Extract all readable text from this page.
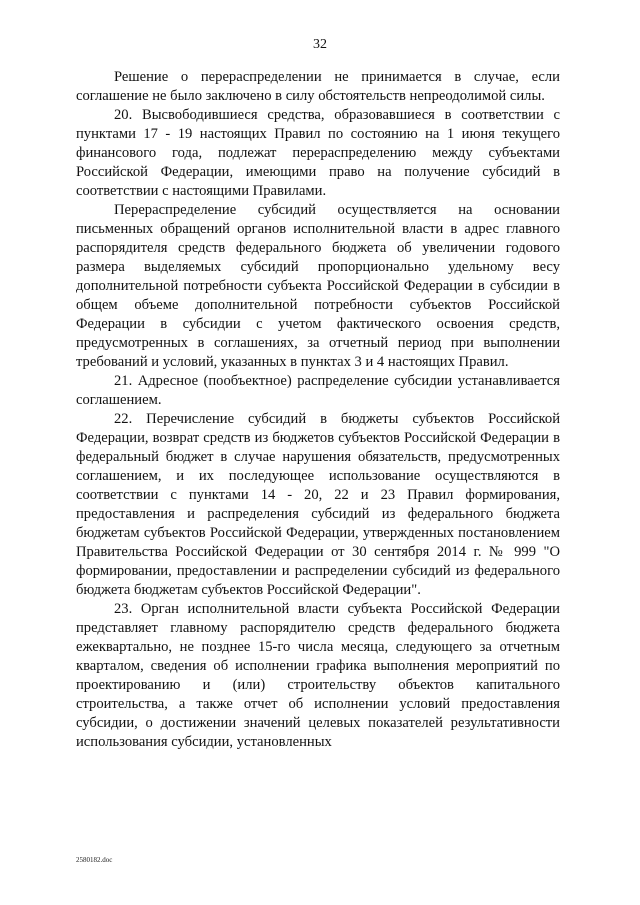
32

Решение о перераспределении не принимается в случае, если соглашение не было заключено в силу обстоятельств непреодолимой силы.

20. Высвободившиеся средства, образовавшиеся в соответствии с пунктами 17 - 19 настоящих Правил по состоянию на 1 июня текущего финансового года, подлежат перераспределению между субъектами Российской Федерации, имеющими право на получение субсидий в соответствии с настоящими Правилами.

Перераспределение субсидий осуществляется на основании письменных обращений органов исполнительной власти в адрес главного распорядителя средств федерального бюджета об увеличении годового размера выделяемых субсидий пропорционально удельному весу дополнительной потребности субъекта Российской Федерации в субсидии в общем объеме дополнительной потребности субъектов Российской Федерации в субсидии с учетом фактического освоения средств, предусмотренных в соглашениях, за отчетный период при выполнении требований и условий, указанных в пунктах 3 и 4 настоящих Правил.

21. Адресное (пообъектное) распределение субсидии устанавливается соглашением.

22. Перечисление субсидий в бюджеты субъектов Российской Федерации, возврат средств из бюджетов субъектов Российской Федерации в федеральный бюджет в случае нарушения обязательств, предусмотренных соглашением, и их последующее использование осуществляются в соответствии с пунктами 14 - 20, 22 и 23 Правил формирования, предоставления и распределения субсидий из федерального бюджета бюджетам субъектов Российской Федерации, утвержденных постановлением Правительства Российской Федерации от 30 сентября 2014 г. № 999 "О формировании, предоставлении и распределении субсидий из федерального бюджета бюджетам субъектов Российской Федерации".

23. Орган исполнительной власти субъекта Российской Федерации представляет главному распорядителю средств федерального бюджета ежеквартально, не позднее 15-го числа месяца, следующего за отчетным кварталом, сведения об исполнении графика выполнения мероприятий по проектированию и (или) строительству объектов капитального строительства, а также отчет об исполнении условий предоставления субсидии, о достижении значений целевых показателей результативности использования субсидии, установленных

2580182.doc
